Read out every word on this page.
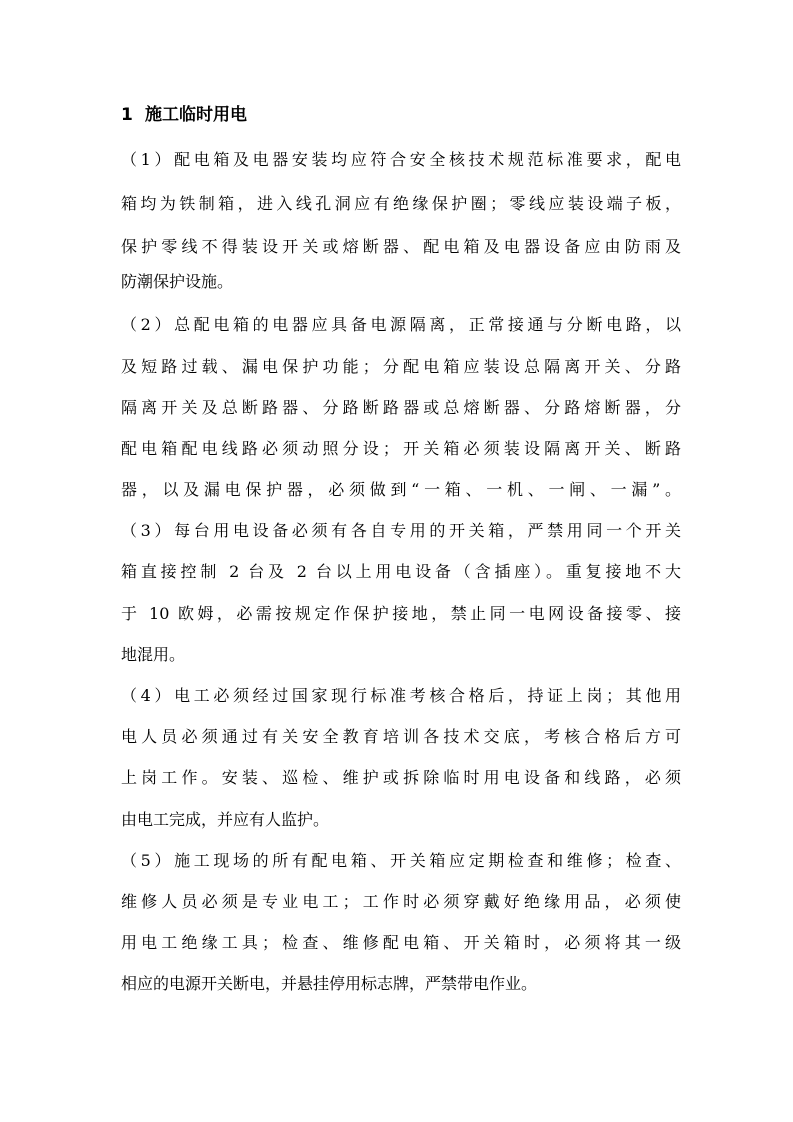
1 施工临时用电
（1）配电箱及电器安装均应符合安全核技术规范标准要求，配电
箱均为铁制箱，进入线孔洞应有绝缘保护圈；零线应装设端子板，
保护零线不得装设开关或熔断器、配电箱及电器设备应由防雨及
防潮保护设施。
（2）总配电箱的电器应具备电源隔离，正常接通与分断电路，以
及短路过载、漏电保护功能；分配电箱应装设总隔离开关、分路
隔离开关及总断路器、分路断路器或总熔断器、分路熔断器，分
配电箱配电线路必须动照分设；开关箱必须装设隔离开关、断路
器，以及漏电保护器，必须做到“一箱、一机、一闸、一漏”。
（3）每台用电设备必须有各自专用的开关箱，严禁用同一个开关
箱直接控制 2 台及 2 台以上用电设备（含插座）。重复接地不大
于 10 欧姆，必需按规定作保护接地，禁止同一电网设备接零、接
地混用。
（4）电工必须经过国家现行标准考核合格后，持证上岗；其他用
电人员必须通过有关安全教育培训各技术交底，考核合格后方可
上岗工作。安装、巡检、维护或拆除临时用电设备和线路，必须
由电工完成，并应有人监护。
（5）施工现场的所有配电箱、开关箱应定期检查和维修；检查、
维修人员必须是专业电工；工作时必须穿戴好绝缘用品，必须使
用电工绝缘工具；检查、维修配电箱、开关箱时，必须将其一级
相应的电源开关断电，并悬挂停用标志牌，严禁带电作业。
